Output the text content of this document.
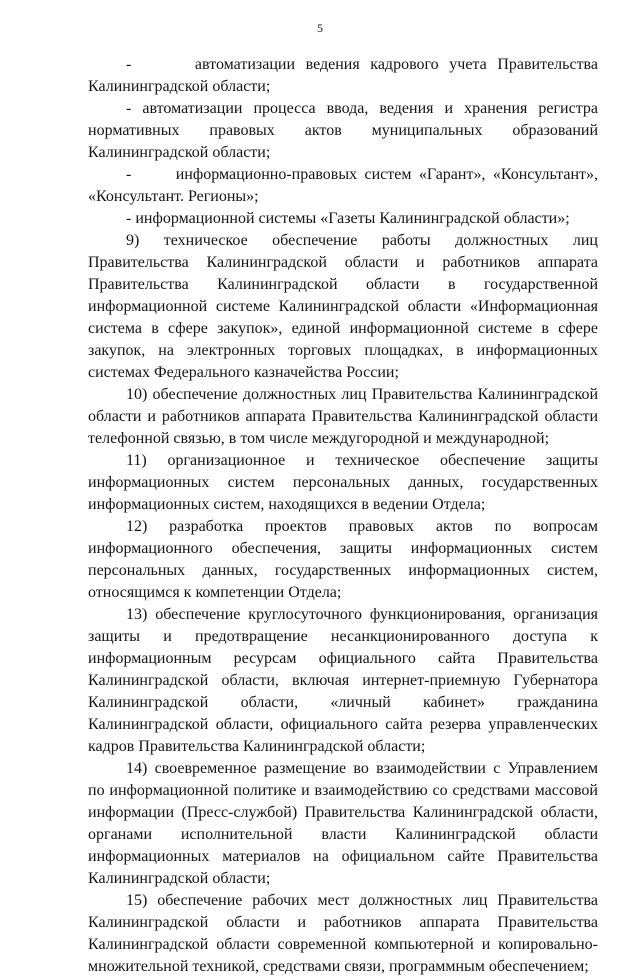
5

-      автоматизации ведения кадрового учета Правительства Калининградской области;

- автоматизации процесса ввода, ведения и хранения регистра нормативных правовых актов муниципальных образований Калининградской области;

-      информационно-правовых систем «Гарант», «Консультант», «Консультант. Регионы»;

- информационной системы «Газеты Калининградской области»;

9) техническое обеспечение работы должностных лиц Правительства Калининградской области и работников аппарата Правительства Калининградской области в государственной информационной системе Калининградской области «Информационная система в сфере закупок», единой информационной системе в сфере закупок, на электронных торговых площадках, в информационных системах Федерального казначейства России;

10) обеспечение должностных лиц Правительства Калининградской области и работников аппарата Правительства Калининградской области телефонной связью, в том числе междугородной и международной;

11) организационное и техническое обеспечение защиты информационных систем персональных данных, государственных информационных систем, находящихся в ведении Отдела;

12) разработка проектов правовых актов по вопросам информационного обеспечения, защиты информационных систем персональных данных, государственных информационных систем, относящимся к компетенции Отдела;

13) обеспечение круглосуточного функционирования, организация защиты и предотвращение несанкционированного доступа к информационным ресурсам официального сайта Правительства Калининградской области, включая интернет-приемную Губернатора Калининградской области, «личный кабинет» гражданина Калининградской области, официального сайта резерва управленческих кадров Правительства Калининградской области;

14) своевременное размещение во взаимодействии с Управлением по информационной политике и взаимодействию со средствами массовой информации (Пресс-службой) Правительства Калининградской области, органами исполнительной власти Калининградской области информационных материалов на официальном сайте Правительства Калининградской области;

15) обеспечение рабочих мест должностных лиц Правительства Калининградской области и работников аппарата Правительства Калининградской области современной компьютерной и копировально-множительной техникой, средствами связи, программным обеспечением;
